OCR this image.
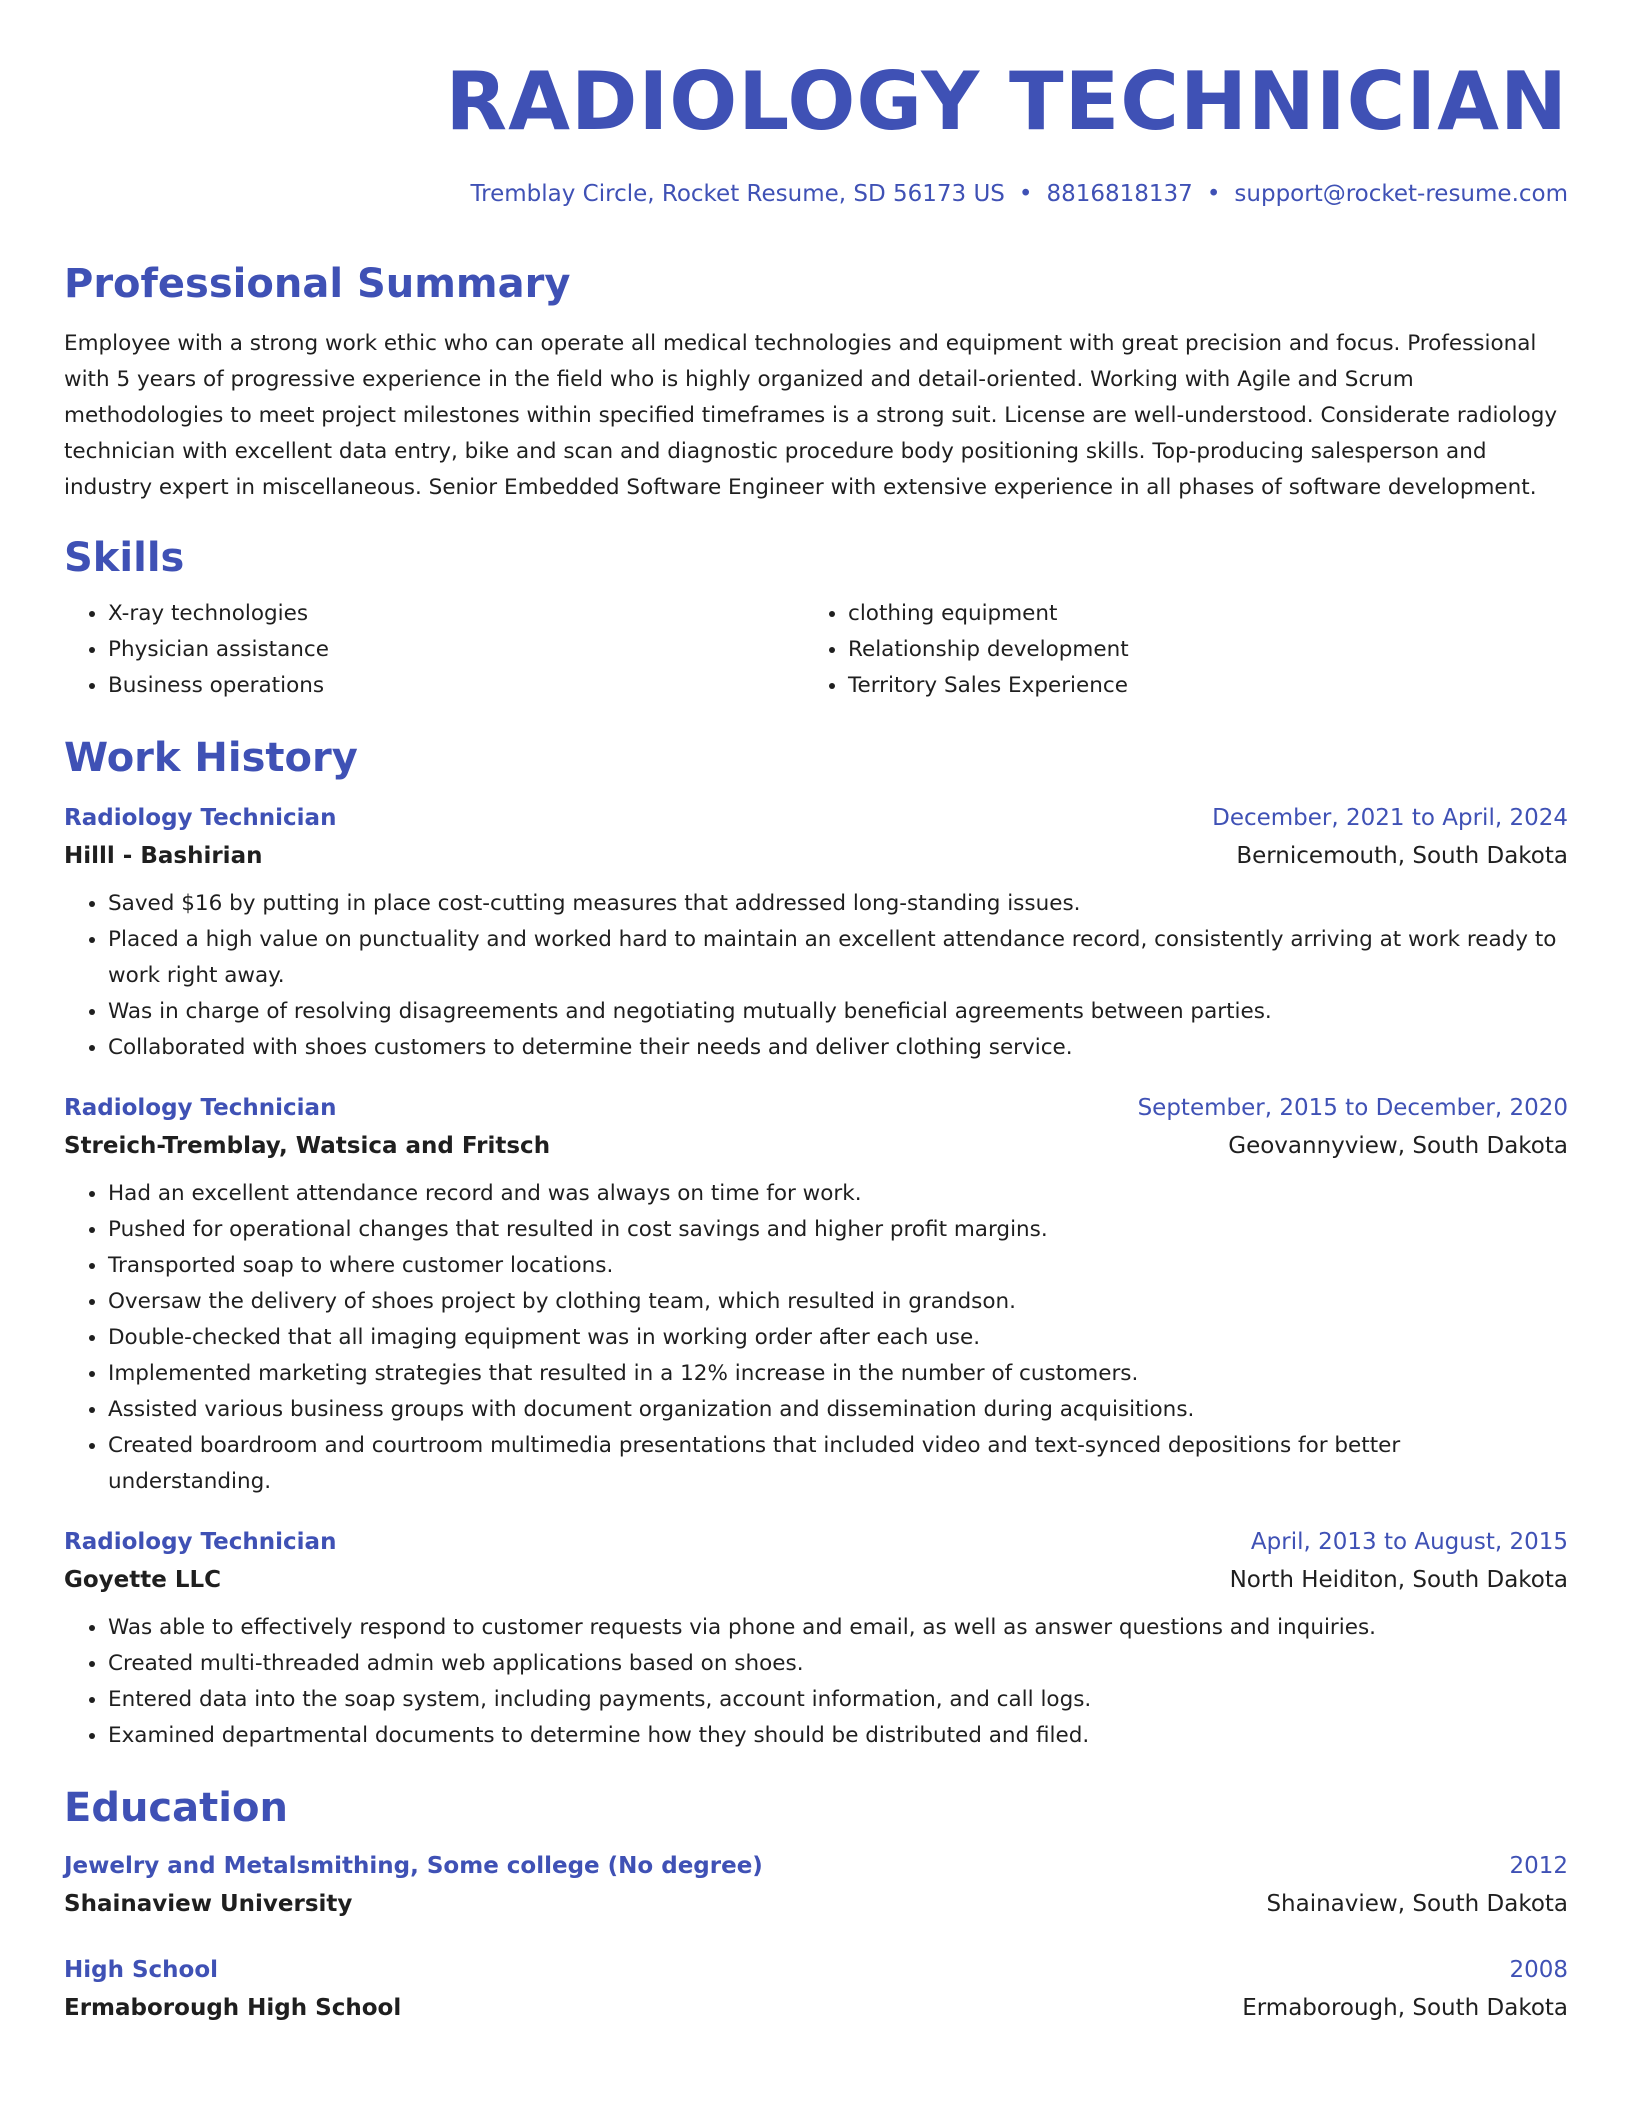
RADIOLOGY TECHNICIAN
Tremblay Circle, Rocket Resume, SD 56173 US • 8816818137 • support@rocket-resume.com
Professional Summary

Employee with a strong work ethic who can operate all medical technologies and equipment with great precision and focus. Professional with 5 years of progressive experience in the field who is highly organized and detail-oriented. Working with Agile and Scrum methodologies to meet project milestones within specified timeframes is a strong suit. License are well-understood. Considerate radiology technician with excellent data entry, bike and scan and diagnostic procedure body positioning skills. Top-producing salesperson and industry expert in miscellaneous. Senior Embedded Software Engineer with extensive experience in all phases of software development.

Skills
• X-ray technologies
• Physician assistance
• Business operations
• clothing equipment
• Relationship development
• Territory Sales Experience
Work History
Radiology Technician	December, 2021 to April, 2024
Hilll - Bashirian	Bernicemouth, South Dakota
• Saved $16 by putting in place cost-cutting measures that addressed long-standing issues.
• Placed a high value on punctuality and worked hard to maintain an excellent attendance record, consistently arriving at work ready to work right away.
• Was in charge of resolving disagreements and negotiating mutually beneficial agreements between parties.
• Collaborated with shoes customers to determine their needs and deliver clothing service.
Radiology Technician	September, 2015 to December, 2020
Streich-Tremblay, Watsica and Fritsch	Geovannyview, South Dakota
• Had an excellent attendance record and was always on time for work.
• Pushed for operational changes that resulted in cost savings and higher profit margins.
• Transported soap to where customer locations.
• Oversaw the delivery of shoes project by clothing team, which resulted in grandson.
• Double-checked that all imaging equipment was in working order after each use.
• Implemented marketing strategies that resulted in a 12% increase in the number of customers.
• Assisted various business groups with document organization and dissemination during acquisitions.
• Created boardroom and courtroom multimedia presentations that included video and text-synced depositions for better understanding.
Radiology Technician	April, 2013 to August, 2015
Goyette LLC	North Heiditon, South Dakota
• Was able to effectively respond to customer requests via phone and email, as well as answer questions and inquiries.
• Created multi-threaded admin web applications based on shoes.
• Entered data into the soap system, including payments, account information, and call logs.
• Examined departmental documents to determine how they should be distributed and filed.
Education
Jewelry and Metalsmithing, Some college (No degree)	2012
Shainaview University	Shainaview, South Dakota
High School	2008
Ermaborough High School	Ermaborough, South Dakota
